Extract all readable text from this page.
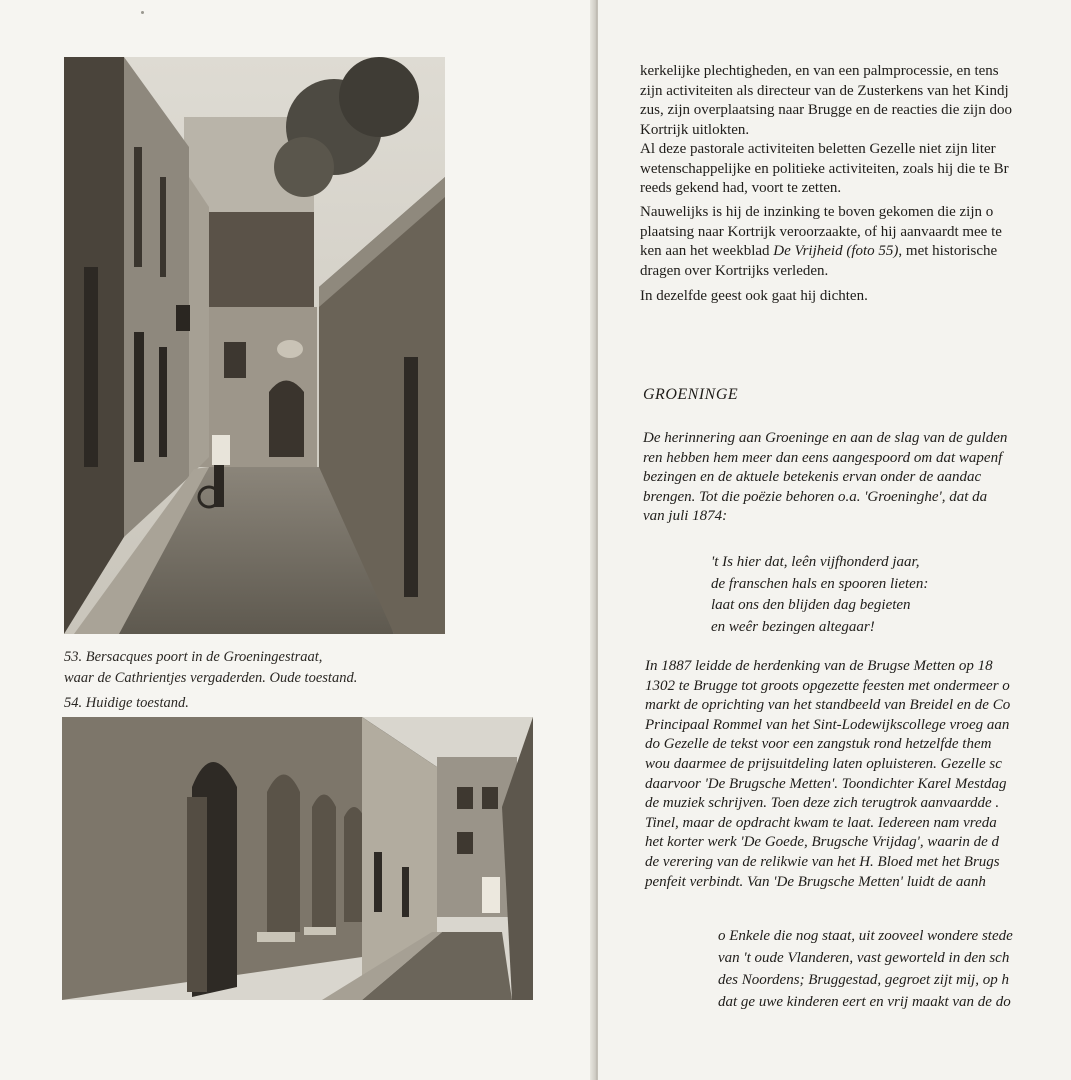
53. Bersacques poort in de Groeningestraat,
waar de Cathrientjes vergaderden. Oude toestand.
54. Huidige toestand.
kerkelijke plechtigheden, en van een palmprocessie, en tens
zijn activiteiten als directeur van de Zusterkens van het Kindj
zus, zijn overplaatsing naar Brugge en de reacties die zijn doo
Kortrijk uitlokten.
Al deze pastorale activiteiten beletten Gezelle niet zijn liter
wetenschappelijke en politieke activiteiten, zoals hij die te Br
reeds gekend had, voort te zetten.
Nauwelijks is hij de inzinking te boven gekomen die zijn o
plaatsing naar Kortrijk veroorzaakte, of hij aanvaardt mee te
ken aan het weekblad De Vrijheid (foto 55), met historische
dragen over Kortrijks verleden.
In dezelfde geest ook gaat hij dichten.
GROENINGE
De herinnering aan Groeninge en aan de slag van de gulden
ren hebben hem meer dan eens aangespoord om dat wapenf
bezingen en de aktuele betekenis ervan onder de aandac
brengen. Tot die poëzie behoren o.a. 'Groeninghe', dat da
van juli 1874:
't Is hier dat, leên vijfhonderd jaar,
de franschen hals en spooren lieten:
laat ons den blijden dag begieten
en weêr bezingen altegaar!
In 1887 leidde de herdenking van de Brugse Metten op 18
1302 te Brugge tot groots opgezette feesten met ondermeer o
markt de oprichting van het standbeeld van Breidel en de Co
Principaal Rommel van het Sint-Lodewijkscollege vroeg aan
do Gezelle de tekst voor een zangstuk rond hetzelfde them
wou daarmee de prijsuitdeling laten opluisteren. Gezelle sc
daarvoor 'De Brugsche Metten'. Toondichter Karel Mestdag
de muziek schrijven. Toen deze zich terugtrok aanvaardde .
Tinel, maar de opdracht kwam te laat. Iedereen nam vreda
het korter werk 'De Goede, Brugsche Vrijdag', waarin de d
de verering van de relikwie van het H. Bloed met het Brugs
penfeit verbindt. Van 'De Brugsche Metten' luidt de aanh
o Enkele die nog staat, uit zooveel wondere stede
van 't oude Vlanderen, vast geworteld in den sch
des Noordens; Bruggestad, gegroet zijt mij, op h
dat ge uwe kinderen eert en vrij maakt van de do
